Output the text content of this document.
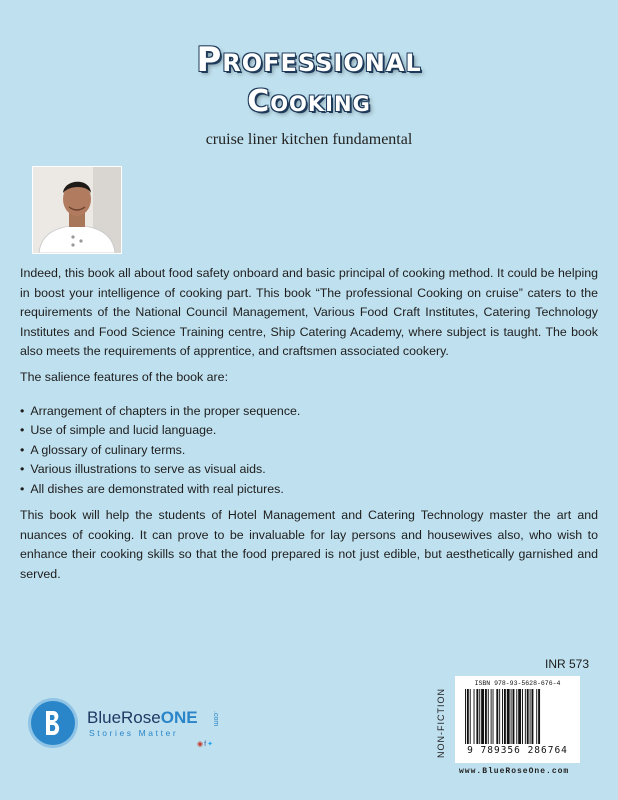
Professional
Cooking
cruise liner kitchen fundamental
Indeed, this book all about food safety onboard and basic principal of cooking method. It could be helping in boost your intelligence of cooking part. This book “The professional Cooking on cruise” caters to the requirements of the National Council Management, Various Food Craft Institutes, Catering Technology Institutes and Food Science Training centre, Ship Catering Academy, where subject is taught. The book also meets the requirements of apprentice, and craftsmen associated cookery.
The salience features of the book are:
• Arrangement of chapters in the proper sequence.
• Use of simple and lucid language.
• A glossary of culinary terms.
• Various illustrations to serve as visual aids.
• All dishes are demonstrated with real pictures.
This book will help the students of Hotel Management and Catering Technology master the art and nuances of cooking. It can prove to be invaluable for lay persons and housewives also, who wish to enhance their cooking skills so that the food prepared is not just edible, but aesthetically garnished and served.
INR 573
BlueRoseONE .com
Stories Matter
◉f✦	NON-FICTION
ISBN 978-93-5628-676-4
9 789356 286764
www.BlueRoseOne.com
